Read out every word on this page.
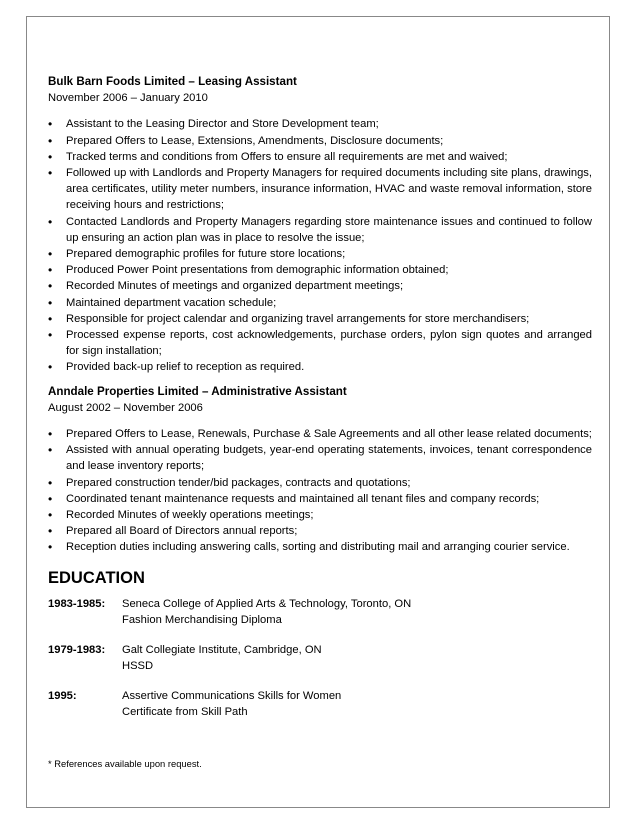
Bulk Barn Foods Limited – Leasing Assistant
November 2006 – January 2010
• Assistant to the Leasing Director and Store Development team;
• Prepared Offers to Lease, Extensions, Amendments, Disclosure documents;
• Tracked terms and conditions from Offers to ensure all requirements are met and waived;
• Followed up with Landlords and Property Managers for required documents including site plans, drawings, area certificates, utility meter numbers, insurance information, HVAC and waste removal information, store receiving hours and restrictions;
• Contacted Landlords and Property Managers regarding store maintenance issues and continued to follow up ensuring an action plan was in place to resolve the issue;
• Prepared demographic profiles for future store locations;
• Produced Power Point presentations from demographic information obtained;
• Recorded Minutes of meetings and organized department meetings;
• Maintained department vacation schedule;
• Responsible for project calendar and organizing travel arrangements for store merchandisers;
• Processed expense reports, cost acknowledgements, purchase orders, pylon sign quotes and arranged for sign installation;
• Provided back-up relief to reception as required.
Anndale Properties Limited – Administrative Assistant
August 2002 – November 2006
• Prepared Offers to Lease, Renewals, Purchase & Sale Agreements and all other lease related documents;
• Assisted with annual operating budgets, year-end operating statements, invoices, tenant correspondence and lease inventory reports;
• Prepared construction tender/bid packages, contracts and quotations;
• Coordinated tenant maintenance requests and maintained all tenant files and company records;
• Recorded Minutes of weekly operations meetings;
• Prepared all Board of Directors annual reports;
• Reception duties including answering calls, sorting and distributing mail and arranging courier service.
EDUCATION
1983-1985:	Seneca College of Applied Arts & Technology, Toronto, ON
Fashion Merchandising Diploma
1979-1983:	Galt Collegiate Institute, Cambridge, ON
HSSD
1995:	Assertive Communications Skills for Women
Certificate from Skill Path
* References available upon request.
